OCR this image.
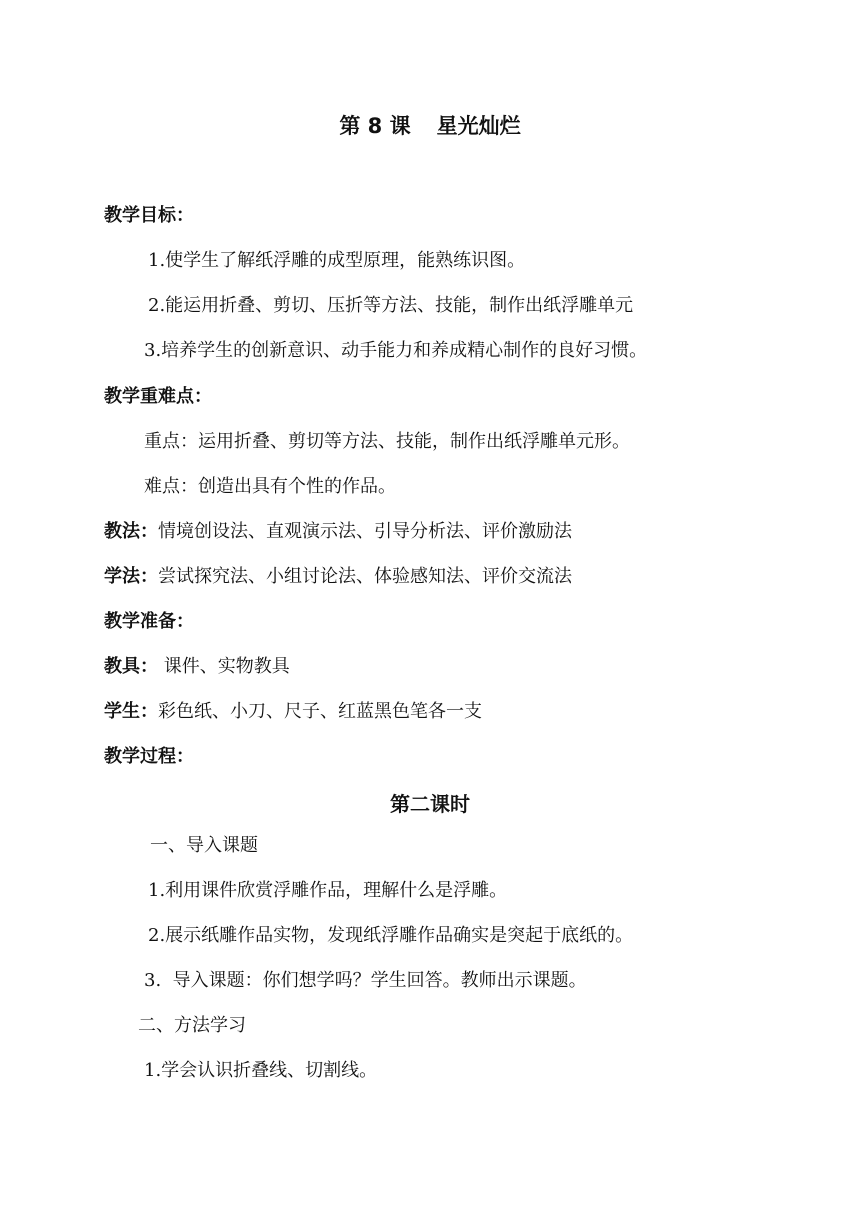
第 8 课 星光灿烂
教学目标：
1.使学生了解纸浮雕的成型原理，能熟练识图。
2.能运用折叠、剪切、压折等方法、技能，制作出纸浮雕单元
3.培养学生的创新意识、动手能力和养成精心制作的良好习惯。
教学重难点：
重点：运用折叠、剪切等方法、技能，制作出纸浮雕单元形。
难点：创造出具有个性的作品。
教法：情境创设法、直观演示法、引导分析法、评价激励法
学法：尝试探究法、小组讨论法、体验感知法、评价交流法
教学准备：
教具： 课件、实物教具
学生：彩色纸、小刀、尺子、红蓝黑色笔各一支
教学过程：
第二课时
一、导入课题
1.利用课件欣赏浮雕作品，理解什么是浮雕。
2.展示纸雕作品实物，发现纸浮雕作品确实是突起于底纸的。
3.  导入课题：你们想学吗？学生回答。教师出示课题。
二、方法学习
1.学会认识折叠线、切割线。
